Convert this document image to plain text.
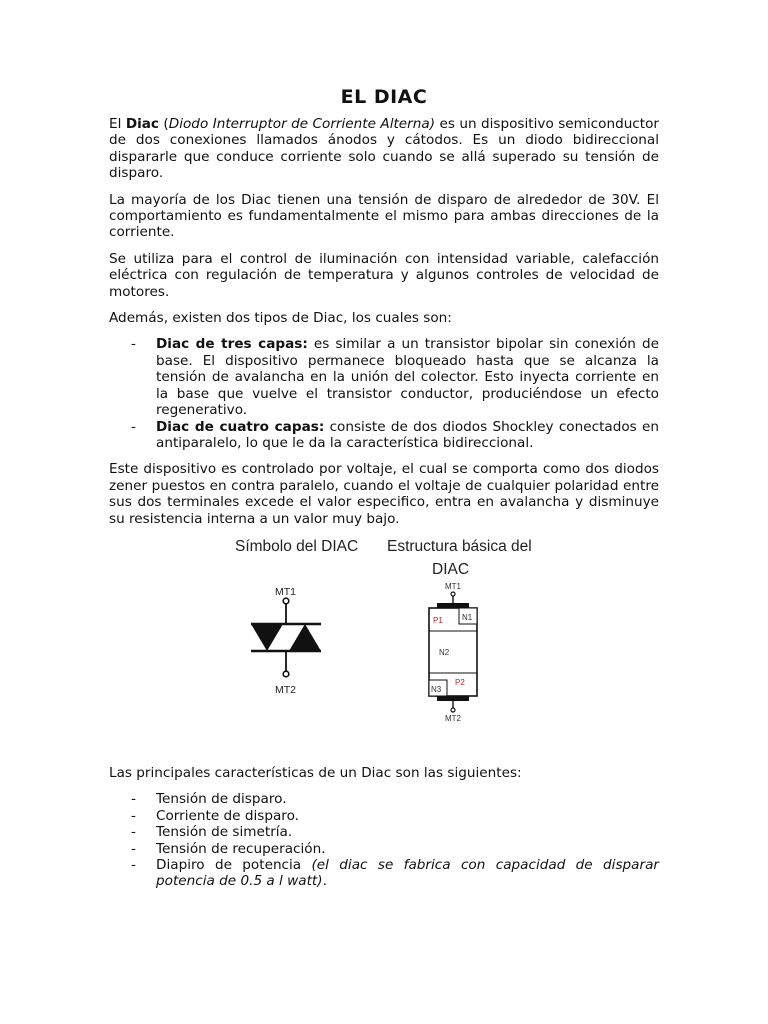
EL DIAC

El Diac (Diodo Interruptor de Corriente Alterna) es un dispositivo semiconductor de dos conexiones llamados ánodos y cátodos. Es un diodo bidireccional dispararle que conduce corriente solo cuando se allá superado su tensión de disparo.

La mayoría de los Diac tienen una tensión de disparo de alrededor de 30V. El comportamiento es fundamentalmente el mismo para ambas direcciones de la corriente.

Se utiliza para el control de iluminación con intensidad variable, calefacción eléctrica con regulación de temperatura y algunos controles de velocidad de motores.

Además, existen dos tipos de Diac, los cuales son:

- Diac de tres capas: es similar a un transistor bipolar sin conexión de base. El dispositivo permanece bloqueado hasta que se alcanza la tensión de avalancha en la unión del colector. Esto inyecta corriente en la base que vuelve el transistor conductor, produciéndose un efecto regenerativo.
- Diac de cuatro capas: consiste de dos diodos Shockley conectados en antiparalelo, lo que le da la característica bidireccional.

Este dispositivo es controlado por voltaje, el cual se comporta como dos diodos zener puestos en contra paralelo, cuando el voltaje de cualquier polaridad entre sus dos terminales excede el valor especifico, entra en avalancha y disminuye su resistencia interna a un valor muy bajo.

Símbolo del DIAC Estructura básica del
DIAC
MT1
MT2
MT1
N1
P1
N2
P2
N3
MT2

Las principales características de un Diac son las siguientes:

- Tensión de disparo.
- Corriente de disparo.
- Tensión de simetría.
- Tensión de recuperación.
- Diapiro de potencia (el diac se fabrica con capacidad de disparar potencia de 0.5 a l watt).
